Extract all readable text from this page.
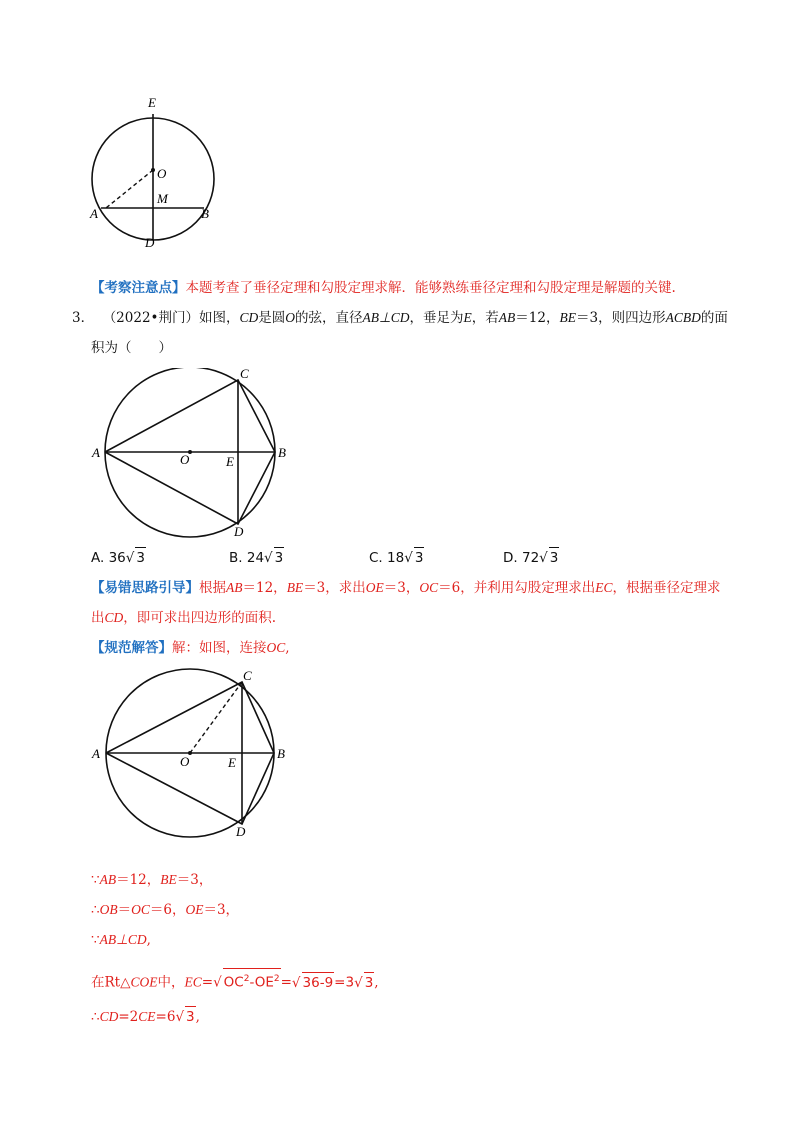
E
O
M
A	B
D
【考察注意点】本题考查了垂径定理和勾股定理求解．能够熟练垂径定理和勾股定理是解题的关键.
3． （2022•荆门）如图，CD是圆O的弦，直径AB⊥CD，垂足为E，若AB＝12，BE＝3，则四边形ACBD的面
积为（　　）
A	B
C
D
E
O
A. 36√ 3	B. 24√ 3	C. 18√ 3	D. 72√ 3
【易错思路引导】根据AB＝12，BE＝3，求出OE＝3，OC＝6，并利用勾股定理求出EC，根据垂径定理求
出CD，即可求出四边形的面积.
【规范解答】解：如图，连接OC,
A	B
C
D
E
O
∵AB＝12，BE＝3，
∴OB＝OC＝6，OE＝3，
∵AB⊥CD,
在Rt△COE中，EC=√ $OC^2-OE^2=√$ 36-9=3√ 3,
∴CD=2CE=6√ 3,
